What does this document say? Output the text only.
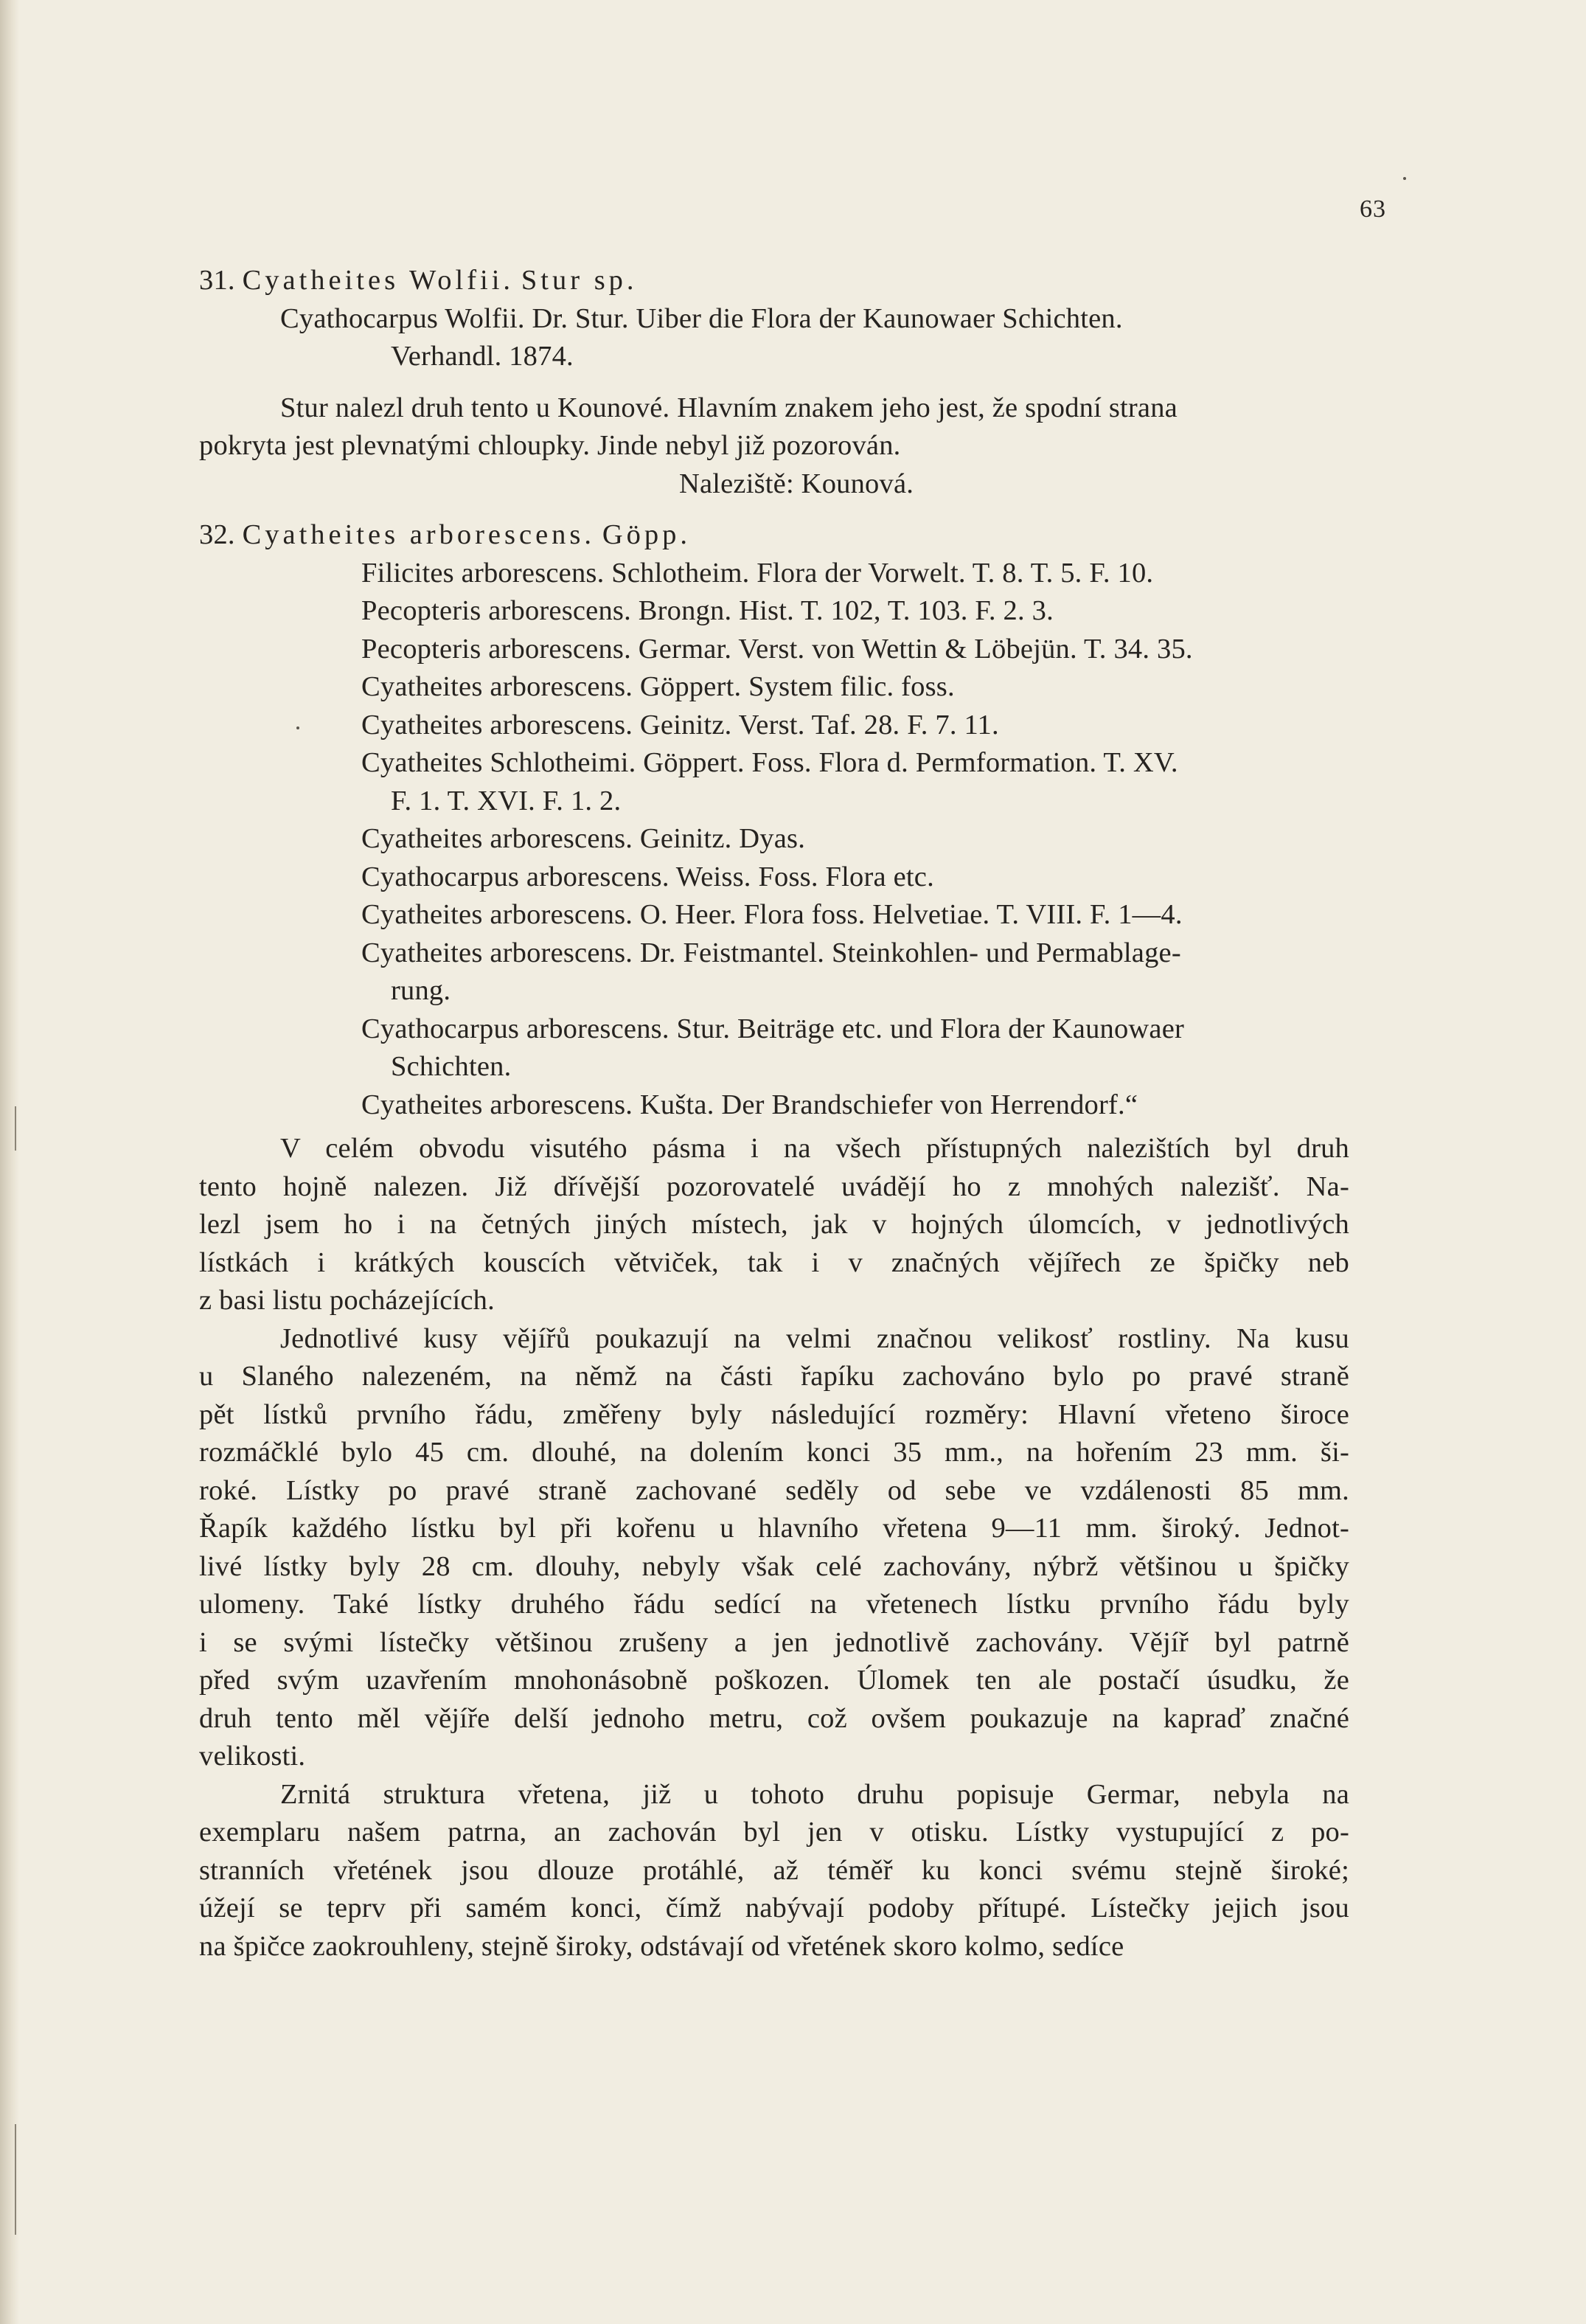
63
31. Cyatheites Wolfii. Stur sp.
Cyathocarpus Wolfii. Dr. Stur. Uiber die Flora der Kaunowaer Schichten.
Verhandl. 1874.
Stur nalezl druh tento u Kounové. Hlavním znakem jeho jest, že spodní strana
pokryta jest plevnatými chloupky. Jinde nebyl již pozorován.
Naleziště: Kounová.
32. Cyatheites arborescens. Göpp.
Filicites arborescens. Schlotheim. Flora der Vorwelt. T. 8. T. 5. F. 10.
Pecopteris arborescens. Brongn. Hist. T. 102, T. 103. F. 2. 3.
Pecopteris arborescens. Germar. Verst. von Wettin & Löbejün. T. 34. 35.
Cyatheites arborescens. Göppert. System filic. foss.
Cyatheites arborescens. Geinitz. Verst. Taf. 28. F. 7. 11.
Cyatheites Schlotheimi. Göppert. Foss. Flora d. Permformation. T. XV.
F. 1. T. XVI. F. 1. 2.
Cyatheites arborescens. Geinitz. Dyas.
Cyathocarpus arborescens. Weiss. Foss. Flora etc.
Cyatheites arborescens. O. Heer. Flora foss. Helvetiae. T. VIII. F. 1—4.
Cyatheites arborescens. Dr. Feistmantel. Steinkohlen- und Permablage-
rung.
Cyathocarpus arborescens. Stur. Beiträge etc. und Flora der Kaunowaer
Schichten.
Cyatheites arborescens. Kušta. Der Brandschiefer von Herrendorf.“
V celém obvodu visutého pásma i na všech přístupných nalezištích byl druh
tento hojně nalezen. Již dřívější pozorovatelé uvádějí ho z mnohých nalezišť. Na-
lezl jsem ho i na četných jiných místech, jak v hojných úlomcích, v jednotlivých
lístkách i krátkých kouscích větviček, tak i v značných vějířech ze špičky neb
z basi listu pocházejících.
Jednotlivé kusy vějířů poukazují na velmi značnou velikosť rostliny. Na kusu
u Slaného nalezeném, na němž na části řapíku zachováno bylo po pravé straně
pět lístků prvního řádu, změřeny byly následující rozměry: Hlavní vřeteno široce
rozmáčklé bylo 45 cm. dlouhé, na dolením konci 35 mm., na hořením 23 mm. ši-
roké. Lístky po pravé straně zachované seděly od sebe ve vzdálenosti 85 mm.
Řapík každého lístku byl při kořenu u hlavního vřetena 9—11 mm. široký. Jednot-
livé lístky byly 28 cm. dlouhy, nebyly však celé zachovány, nýbrž většinou u špičky
ulomeny. Také lístky druhého řádu sedící na vřetenech lístku prvního řádu byly
i se svými lístečky většinou zrušeny a jen jednotlivě zachovány. Vějíř byl patrně
před svým uzavřením mnohonásobně poškozen. Úlomek ten ale postačí úsudku, že
druh tento měl vějíře delší jednoho metru, což ovšem poukazuje na kapraď značné
velikosti.
Zrnitá struktura vřetena, již u tohoto druhu popisuje Germar, nebyla na
exemplaru našem patrna, an zachován byl jen v otisku. Lístky vystupující z po-
stranních vřetének jsou dlouze protáhlé, až téměř ku konci svému stejně široké;
úžejí se teprv při samém konci, čímž nabývají podoby přítupé. Lístečky jejich jsou
na špičce zaokrouhleny, stejně široky, odstávají od vřetének skoro kolmo, sedíce
